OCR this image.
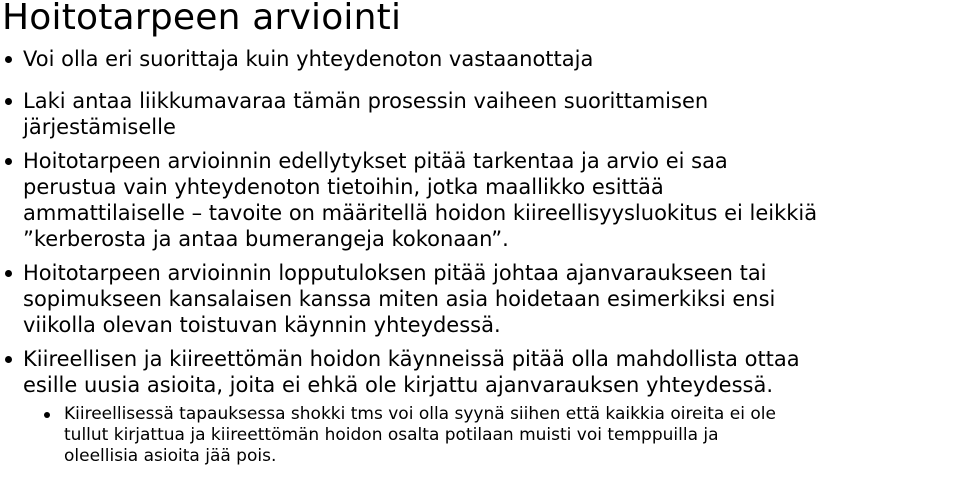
Hoitotarpeen arviointi
Voi olla eri suorittaja kuin yhteydenoton vastaanottaja
Laki antaa liikkumavaraa tämän prosessin vaiheen suorittamisen
järjestämiselle
Hoitotarpeen arvioinnin edellytykset pitää tarkentaa ja arvio ei saa
perustua vain yhteydenoton tietoihin, jotka maallikko esittää
ammattilaiselle – tavoite on määritellä hoidon kiireellisyysluokitus ei leikkiä
”kerberosta ja antaa bumerangeja kokonaan”.
Hoitotarpeen arvioinnin lopputuloksen pitää johtaa ajanvaraukseen tai
sopimukseen kansalaisen kanssa miten asia hoidetaan esimerkiksi ensi
viikolla olevan toistuvan käynnin yhteydessä.
Kiireellisen ja kiireettömän hoidon käynneissä pitää olla mahdollista ottaa
esille uusia asioita, joita ei ehkä ole kirjattu ajanvarauksen yhteydessä.
Kiireellisessä tapauksessa shokki tms voi olla syynä siihen että kaikkia oireita ei ole
tullut kirjattua ja kiireettömän hoidon osalta potilaan muisti voi temppuilla ja
oleellisia asioita jää pois.
